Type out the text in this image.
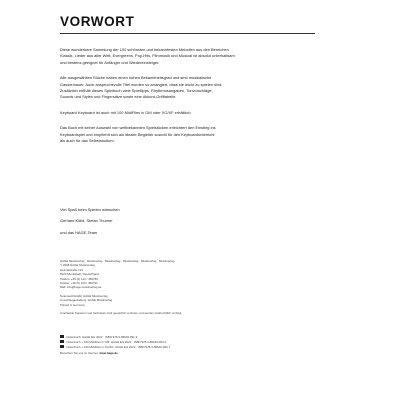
VORWORT
Diese wunderbare Sammlung der 100 schönsten und bekanntesten Melodien aus den Bereichen
Klassik, Lieder aus aller Welt, Evergreens, Pop-Hits, Filmmusik und Musical ist absolut unterhaltsam
und bestens geeignet für Anfänger und Wiedereinsteiger.
Alle ausgewählten Stücke haben einen hohen Bekanntheitsgrad und sind musikalische
Gassenhauer. Auch anspruchsvolle Titel wurden so arrangiert, dass sie leicht zu spielen sind.
Zusätzlich enthält dieses Spielbuch viele Spieltipps, Rhythmusangaben, Tonvorschläge,
Sounds und Styles und Fingersätze sowie eine Akkord-Grifftabelle.
Keyboard Keyboard ist auch mit 100 MidiFiles in GM oder XG/XF erhältlich.
Das Buch mit seiner Auswahl von weltbekannten Spielstücken erleichtert den Einstieg ins
Keyboardspiel und empfiehlt sich als idealer Begleiter sowohl für den Keyboardunterricht
als auch für das Selbststudium.
Viel Spaß beim Spielen wünschen
Gerhard Kölbl, Stefan Thurner
und das HAGE-Team
HAGE Musikverlag · Musikverlag · Musikverlag · Musikverlag · Musikverlag · Musikverlag
© 2008 HAGE Musikverlag
Heimatstraße 123
8123 Musikstadt, Deutschland
Telefon: +49 (0) 123 / 456789
Telefax: +49 (0) 123 / 456790
Mail: info@hage-musikverlag.de
Notensatz/Grafik: HAGE Musikverlag
Umschlaggestaltung: HAGE Musikverlag
Printed in Germany
Unerlaubte Kopieren und Verbreiten sind gesetzlich verboten und werden strafrechtlich verfolgt.
Notenbuch: HAGE EG 2022 · ISBN 978-3-86626-091-3
Notenbuch + 100 MidiFiles in GM: HAGE EG 2022 · ISBN 978-3-86626-092-0
Notenbuch + 100 MidiFiles in XG/XF: HAGE EG 2022 · ISBN 978-3-86626-093-7
Besuchen Sie uns im Internet: www.hage.de
